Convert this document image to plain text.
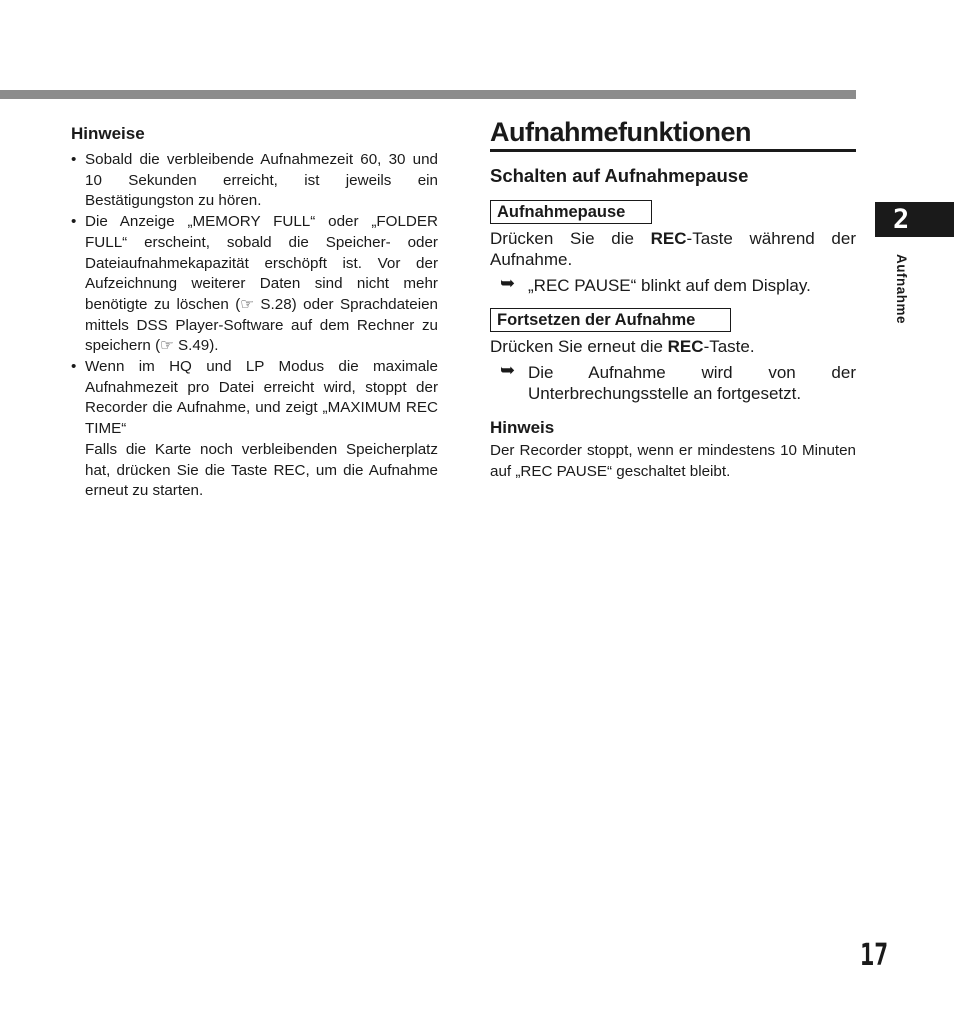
Hinweise
• Sobald die verbleibende Aufnahmezeit 60, 30 und 10 Sekunden erreicht, ist jeweils ein Bestätigungston zu hören.
• Die Anzeige „MEMORY FULL“ oder „FOLDER FULL“ erscheint, sobald die Speicher- oder Dateiaufnahmekapazität erschöpft ist. Vor der Aufzeichnung weiterer Daten sind nicht mehr benötigte zu löschen (☞ S.28) oder Sprachdateien mittels DSS Player-Software auf dem Rechner zu speichern (☞ S.49).
• Wenn im HQ und LP Modus die maximale Aufnahmezeit pro Datei erreicht wird, stoppt der Recorder die Aufnahme, und zeigt „MAXIMUM REC TIME“
Falls die Karte noch verbleibenden Speicherplatz hat, drücken Sie die Taste REC, um die Aufnahme erneut zu starten.
Aufnahmefunktionen
Schalten auf Aufnahmepause
Aufnahmepause

Drücken Sie die REC-Taste während der Aufnahme.

➥ „REC PAUSE“ blinkt auf dem Display.
Fortsetzen der Aufnahme

Drücken Sie erneut die REC-Taste.

➥ Die Aufnahme wird von der Unterbrechungsstelle an fortgesetzt.
Hinweis

Der Recorder stoppt, wenn er mindestens 10 Minuten auf „REC PAUSE“ geschaltet bleibt.

2
Aufnahme
17
